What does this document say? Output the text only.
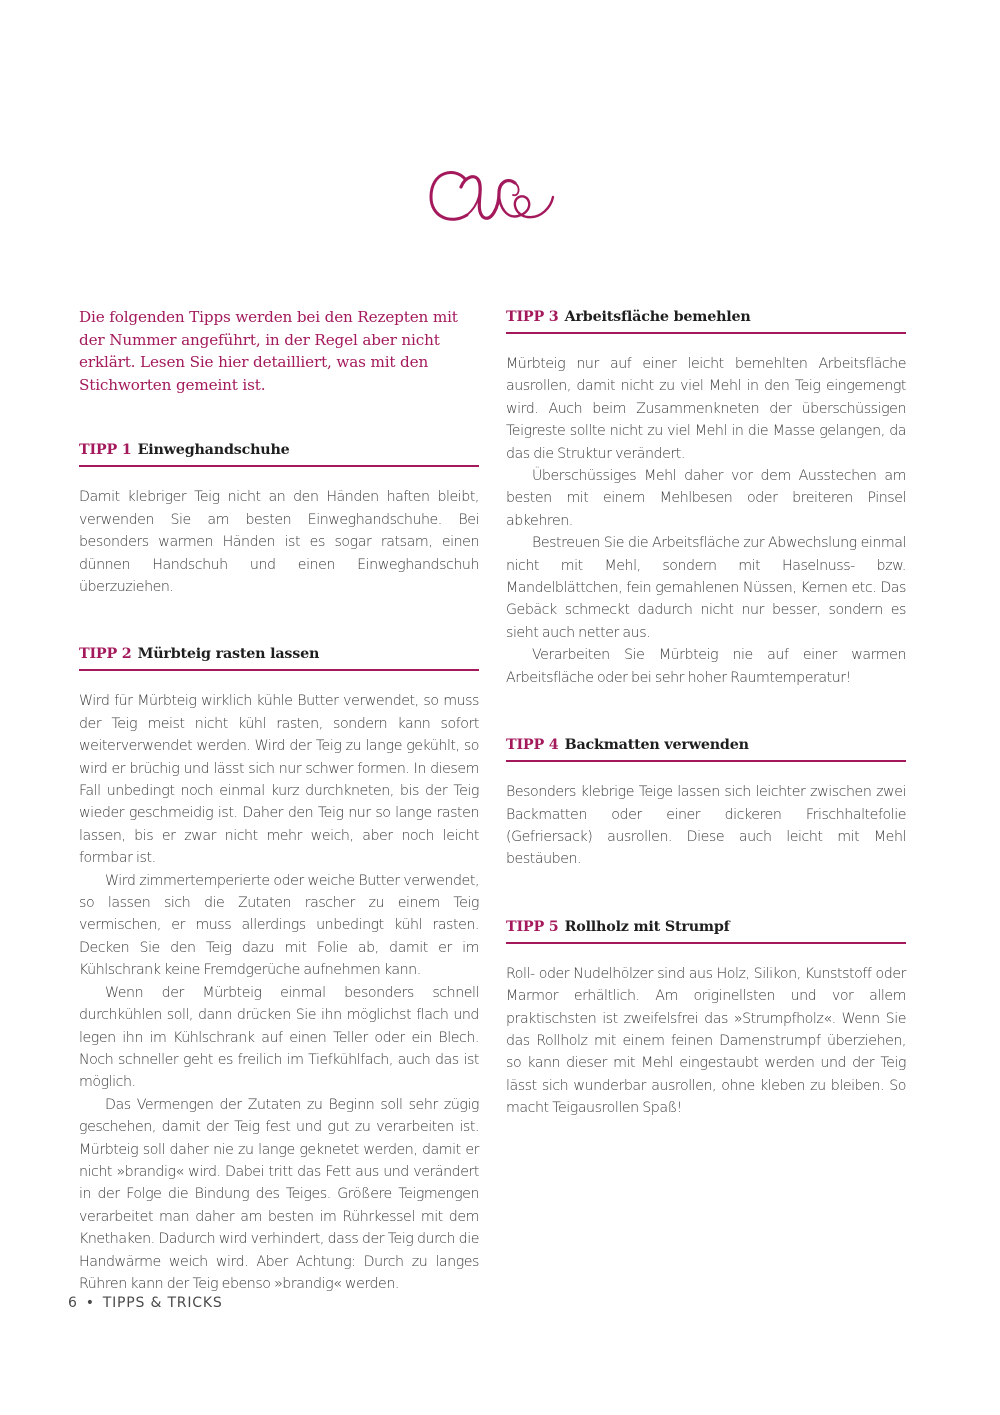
Die folgenden Tipps werden bei den Rezepten mit der Nummer angeführt, in der Regel aber nicht erklärt. Lesen Sie hier detailliert, was mit den Stichworten gemeint ist.

TIPP 1 Einweghandschuhe

Damit klebriger Teig nicht an den Händen haften bleibt, verwenden Sie am besten Einweghandschuhe. Bei besonders warmen Händen ist es sogar ratsam, einen dünnen Handschuh und einen Einweghandschuh überzuziehen.

TIPP 2 Mürbteig rasten lassen

Wird für Mürbteig wirklich kühle Butter verwendet, so muss der Teig meist nicht kühl rasten, sondern kann sofort weiterverwendet werden. Wird der Teig zu lange gekühlt, so wird er brüchig und lässt sich nur schwer formen. In diesem Fall unbedingt noch einmal kurz durchkneten, bis der Teig wieder geschmeidig ist. Daher den Teig nur so lange rasten lassen, bis er zwar nicht mehr weich, aber noch leicht formbar ist.

Wird zimmertemperierte oder weiche Butter verwendet, so lassen sich die Zutaten rascher zu einem Teig vermischen, er muss allerdings unbedingt kühl rasten. Decken Sie den Teig dazu mit Folie ab, damit er im Kühlschrank keine Fremdgerüche aufnehmen kann.

Wenn der Mürbteig einmal besonders schnell durchkühlen soll, dann drücken Sie ihn möglichst flach und legen ihn im Kühlschrank auf einen Teller oder ein Blech. Noch schneller geht es freilich im Tiefkühlfach, auch das ist möglich.

Das Vermengen der Zutaten zu Beginn soll sehr zügig geschehen, damit der Teig fest und gut zu verarbeiten ist. Mürbteig soll daher nie zu lange geknetet werden, damit er nicht »brandig« wird. Dabei tritt das Fett aus und verändert in der Folge die Bindung des Teiges. Größere Teigmengen verarbeitet man daher am besten im Rührkessel mit dem Knethaken. Dadurch wird verhindert, dass der Teig durch die Handwärme weich wird. Aber Achtung: Durch zu langes Rühren kann der Teig ebenso »brandig« werden.

TIPP 3 Arbeitsfläche bemehlen

Mürbteig nur auf einer leicht bemehlten Arbeitsfläche ausrollen, damit nicht zu viel Mehl in den Teig eingemengt wird. Auch beim Zusammenkneten der überschüssigen Teigreste sollte nicht zu viel Mehl in die Masse gelangen, da das die Struktur verändert.

Überschüssiges Mehl daher vor dem Ausstechen am besten mit einem Mehlbesen oder breiteren Pinsel abkehren.

Bestreuen Sie die Arbeitsfläche zur Abwechslung einmal nicht mit Mehl, sondern mit Haselnuss- bzw. Mandelblättchen, fein gemahlenen Nüssen, Kernen etc. Das Gebäck schmeckt dadurch nicht nur besser, sondern es sieht auch netter aus.

Verarbeiten Sie Mürbteig nie auf einer warmen Arbeitsfläche oder bei sehr hoher Raumtemperatur!

TIPP 4 Backmatten verwenden

Besonders klebrige Teige lassen sich leichter zwischen zwei Backmatten oder einer dickeren Frischhaltefolie (Gefriersack) ausrollen. Diese auch leicht mit Mehl bestäuben.

TIPP 5 Rollholz mit Strumpf

Roll- oder Nudelhölzer sind aus Holz, Silikon, Kunststoff oder Marmor erhältlich. Am originellsten und vor allem praktischsten ist zweifelsfrei das »Strumpfholz«. Wenn Sie das Rollholz mit einem feinen Damenstrumpf überziehen, so kann dieser mit Mehl eingestaubt werden und der Teig lässt sich wunderbar ausrollen, ohne kleben zu bleiben. So macht Teigausrollen Spaß!

6 • TIPPS & TRICKS
